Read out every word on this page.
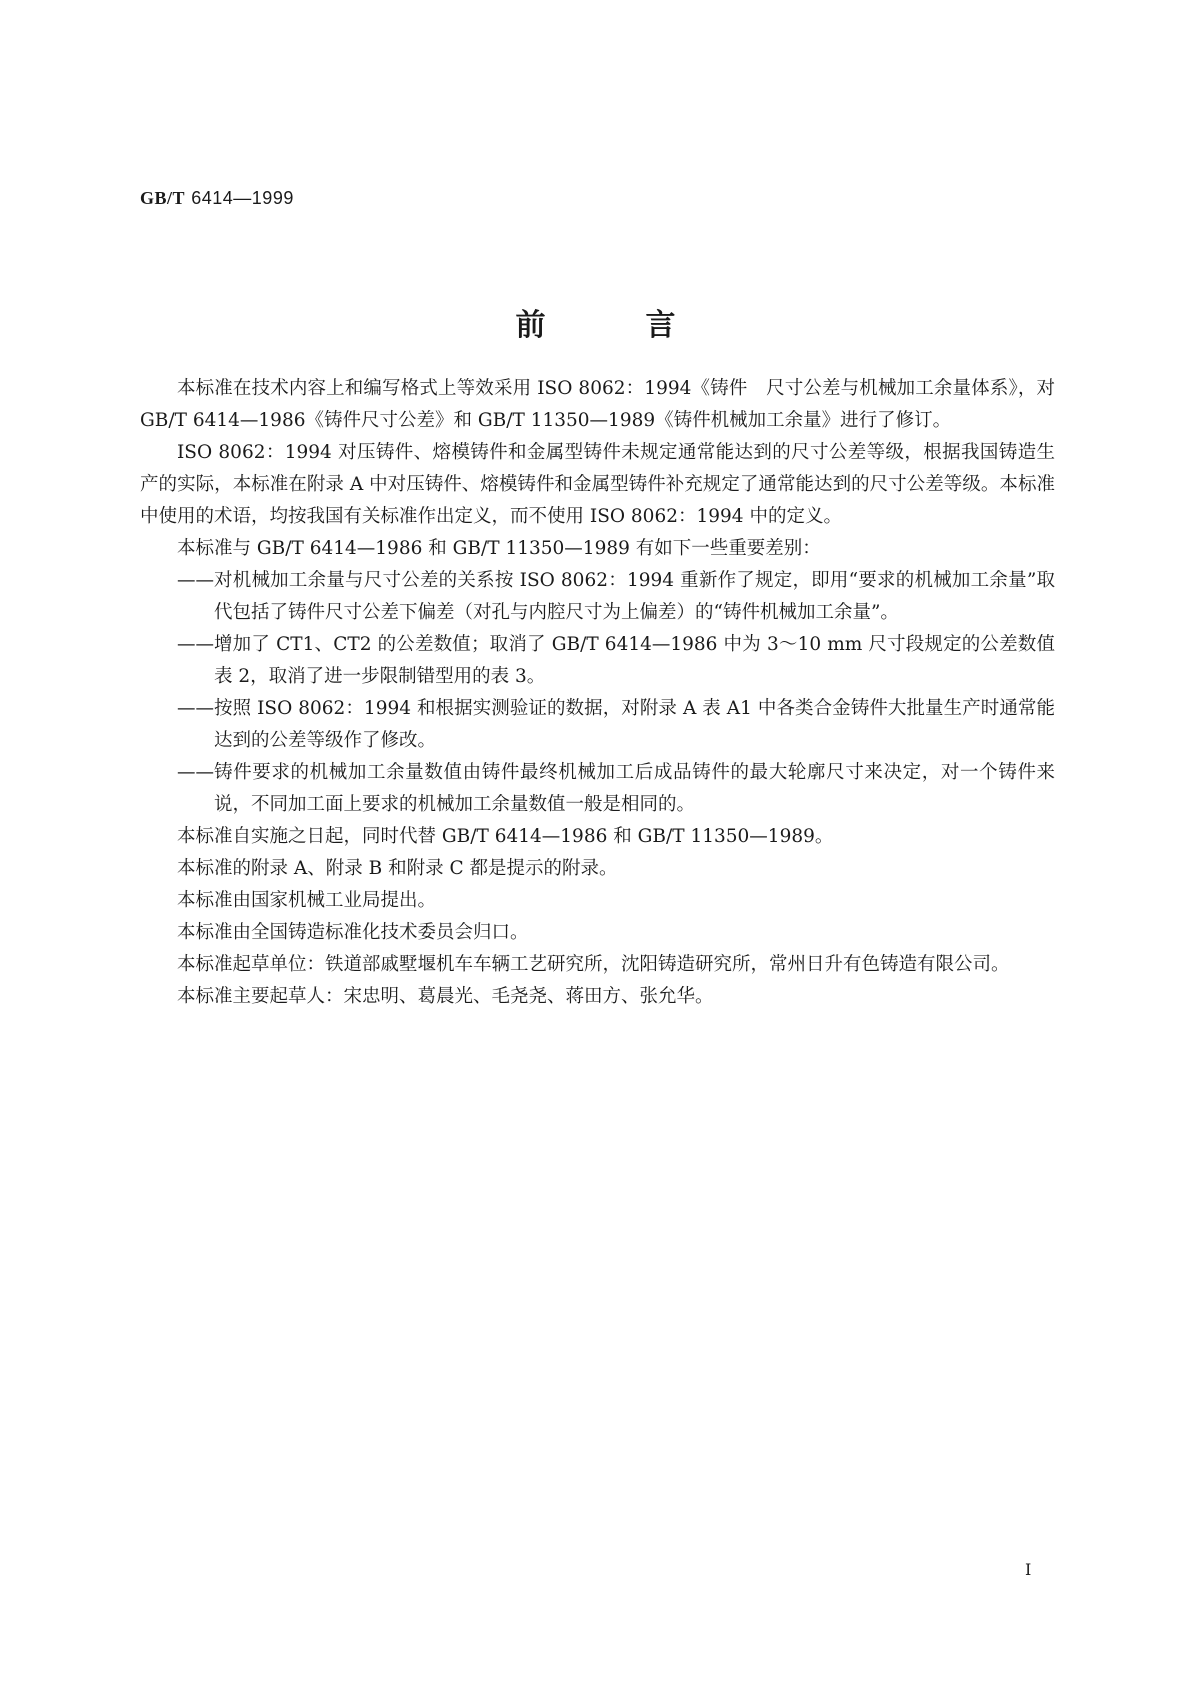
GB/T 6414—1999
前	言

本标准在技术内容上和编写格式上等效采用 ISO 8062：1994《铸件　尺寸公差与机械加工余量体系》，对 GB/T 6414—1986《铸件尺寸公差》和 GB/T 11350—1989《铸件机械加工余量》进行了修订。

ISO 8062：1994 对压铸件、熔模铸件和金属型铸件未规定通常能达到的尺寸公差等级，根据我国铸造生产的实际，本标准在附录 A 中对压铸件、熔模铸件和金属型铸件补充规定了通常能达到的尺寸公差等级。本标准中使用的术语，均按我国有关标准作出定义，而不使用 ISO 8062：1994 中的定义。

本标准与 GB/T 6414—1986 和 GB/T 11350—1989 有如下一些重要差别：

—— 对机械加工余量与尺寸公差的关系按 ISO 8062：1994 重新作了规定，即用“要求的机械加工余量”取代包括了铸件尺寸公差下偏差（对孔与内腔尺寸为上偏差）的“铸件机械加工余量”。

—— 增加了 CT1、CT2 的公差数值；取消了 GB/T 6414—1986 中为 3～10 mm 尺寸段规定的公差数值表 2，取消了进一步限制错型用的表 3。

—— 按照 ISO 8062：1994 和根据实测验证的数据，对附录 A 表 A1 中各类合金铸件大批量生产时通常能达到的公差等级作了修改。

—— 铸件要求的机械加工余量数值由铸件最终机械加工后成品铸件的最大轮廓尺寸来决定，对一个铸件来说，不同加工面上要求的机械加工余量数值一般是相同的。

本标准自实施之日起，同时代替 GB/T 6414—1986 和 GB/T 11350—1989。

本标准的附录 A、附录 B 和附录 C 都是提示的附录。

本标准由国家机械工业局提出。

本标准由全国铸造标准化技术委员会归口。

本标准起草单位：铁道部戚墅堰机车车辆工艺研究所，沈阳铸造研究所，常州日升有色铸造有限公司。

本标准主要起草人：宋忠明、葛晨光、毛尧尧、蒋田方、张允华。

I
